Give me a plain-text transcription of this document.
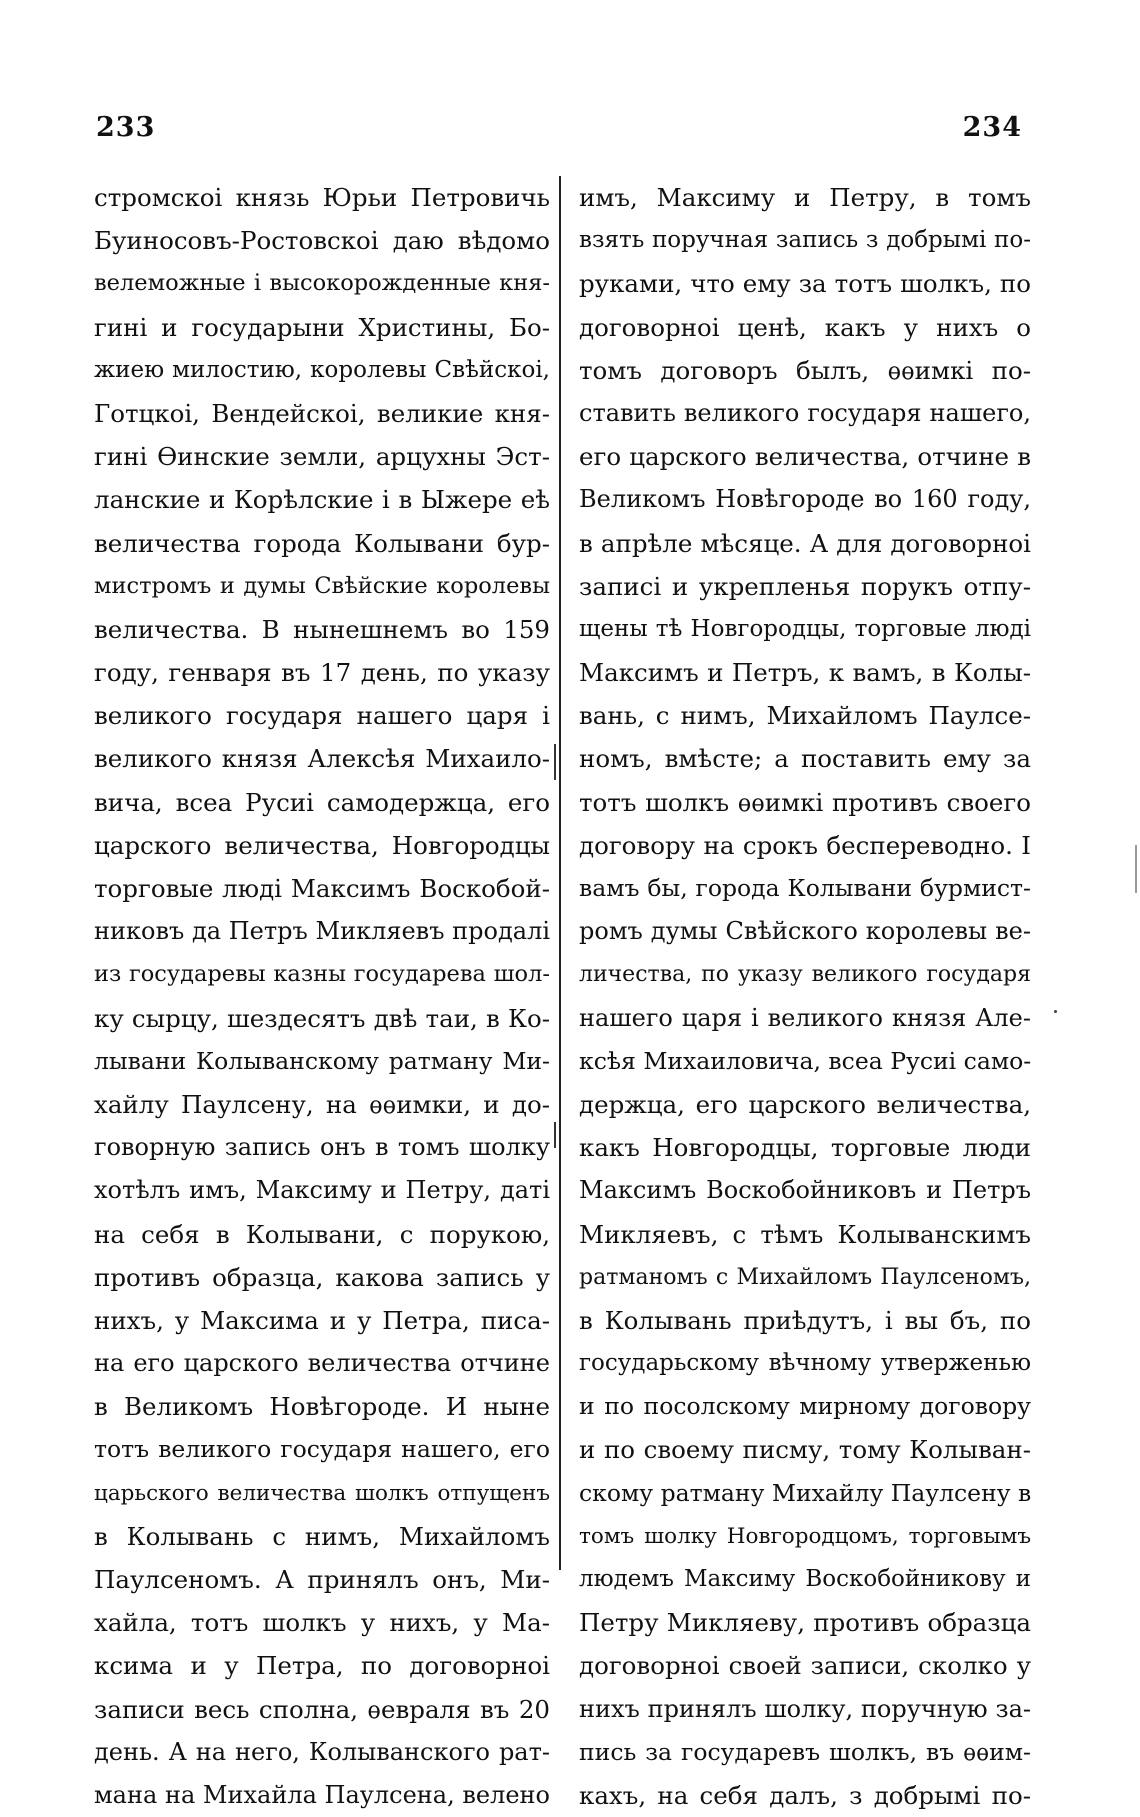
233	234
стромскоі князь Юрьи Петровичь
Буиносовъ-Ростовскоі даю вѣдомо
велеможные і высокорожденные кня-
гині и государыни Христины, Бо-
жиею милостию, королевы Свѣйскоі,
Готцкоі, Вендейскоі, великие кня-
гині Ѳинские земли, арцухны Эст-
ланские и Корѣлские і в Ыжере еѣ
величества города Колывани бур-
мистромъ и думы Свѣйские королевы
величества. В нынешнемъ во 159
году, генваря въ 17 день, по указу
великого государя нашего царя і
великого князя Алексѣя Михаило-
вича, всеа Русиі самодержца, его
царского величества, Новгородцы
торговые люді Максимъ Воскобой-
никовъ да Петръ Микляевъ продалі
из государевы казны государева шол-
ку сырцу, шездесятъ двѣ таи, в Ко-
лывани Колыванскому ратману Ми-
хайлу Паулсену, на ѳѳимки, и до-
говорную запись онъ в томъ шолку
хотѣлъ имъ, Максиму и Петру, даті
на себя в Колывани, с порукою,
противъ образца, какова запись у
нихъ, у Максима и у Петра, писа-
на его царского величества отчине
в Великомъ Новѣгороде. И ныне
тотъ великого государя нашего, его
царьского величества шолкъ отпущенъ
в Колывань с нимъ, Михайломъ
Паулсеномъ. А принялъ онъ, Ми-
хайла, тотъ шолкъ у нихъ, у Ма-
ксима и у Петра, по договорноі
записи весь сполна, ѳевраля въ 20
день. А на него, Колыванского рат-
мана на Михайла Паулсена, велено
имъ, Максиму и Петру, в томъ
взять поручная запись з добрымі по-
руками, что ему за тотъ шолкъ, по
договорноі ценѣ, какъ у нихъ о
томъ договоръ былъ, ѳѳимкі по-
ставить великого государя нашего,
его царского величества, отчине в
Великомъ Новѣгороде во 160 году,
в апрѣле мѣсяце. А для договорноі
записі и укрепленья порукъ отпу-
щены тѣ Новгородцы, торговые люді
Максимъ и Петръ, к вамъ, в Колы-
вань, с нимъ, Михайломъ Паулсе-
номъ, вмѣсте; а поставить ему за
тотъ шолкъ ѳѳимкі противъ своего
договору на срокъ беспереводно. І
вамъ бы, города Колывани бурмист-
ромъ думы Свѣйского королевы ве-
личества, по указу великого государя
нашего царя і великого князя Але-
ксѣя Михаиловича, всеа Русиі само-
держца, его царского величества,
какъ Новгородцы, торговые люди
Максимъ Воскобойниковъ и Петръ
Микляевъ, с тѣмъ Колыванскимъ
ратманомъ с Михайломъ Паулсеномъ,
в Колывань приѣдутъ, і вы бъ, по
государьскому вѣчному утверженью
и по посолскому мирному договору
и по своему писму, тому Колыван-
скому ратману Михайлу Паулсену в
томъ шолку Новгородцомъ, торговымъ
людемъ Максиму Воскобойникову и
Петру Микляеву, противъ образца
договорноі своей записи, сколко у
нихъ принялъ шолку, поручную за-
пись за государевъ шолкъ, въ ѳѳим-
кахъ, на себя далъ, з добрымі по-
